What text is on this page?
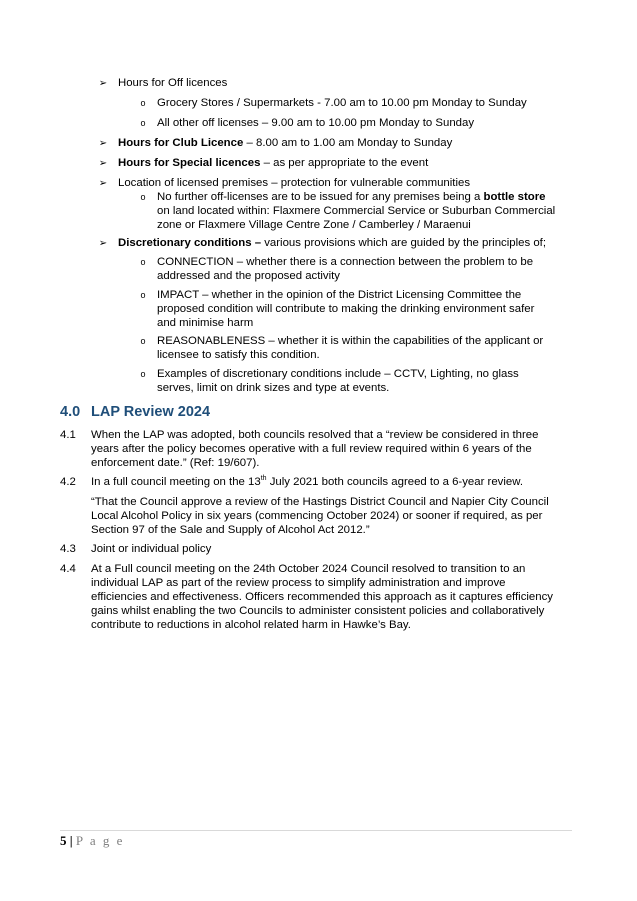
➢ Hours for Off licences
o Grocery Stores / Supermarkets - 7.00 am to 10.00 pm Monday to Sunday
o All other off licenses – 9.00 am to 10.00 pm Monday to Sunday
➢ Hours for Club Licence – 8.00 am to 1.00 am Monday to Sunday
➢ Hours for Special licences – as per appropriate to the event
➢ Location of licensed premises – protection for vulnerable communities
o No further off-licenses are to be issued for any premises being a bottle store
on land located within: Flaxmere Commercial Service or Suburban Commercial
zone or Flaxmere Village Centre Zone / Camberley / Maraenui
➢ Discretionary conditions – various provisions which are guided by the principles of;
o CONNECTION – whether there is a connection between the problem to be
addressed and the proposed activity
o IMPACT – whether in the opinion of the District Licensing Committee the
proposed condition will contribute to making the drinking environment safer
and minimise harm
o REASONABLENESS – whether it is within the capabilities of the applicant or
licensee to satisfy this condition.
o Examples of discretionary conditions include – CCTV, Lighting, no glass
serves, limit on drink sizes and type at events.
4.0 LAP Review 2024
4.1 When the LAP was adopted, both councils resolved that a “review be considered in three
years after the policy becomes operative with a full review required within 6 years of the
enforcement date.” (Ref: 19/607).
4.2 In a full council meeting on the 13th July 2021 both councils agreed to a 6-year review.
“That the Council approve a review of the Hastings District Council and Napier City Council
Local Alcohol Policy in six years (commencing October 2024) or sooner if required, as per
Section 97 of the Sale and Supply of Alcohol Act 2012.”
4.3 Joint or individual policy
4.4 At a Full council meeting on the 24th October 2024 Council resolved to transition to an
individual LAP as part of the review process to simplify administration and improve
efficiencies and effectiveness. Officers recommended this approach as it captures efficiency
gains whilst enabling the two Councils to administer consistent policies and collaboratively
contribute to reductions in alcohol related harm in Hawke’s Bay.
5 | P a g e
